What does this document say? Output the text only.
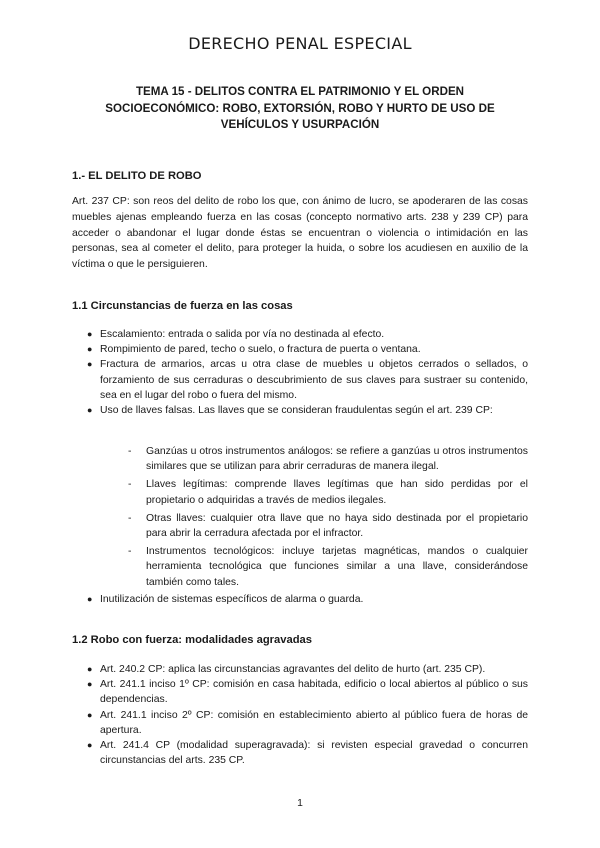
DERECHO PENAL ESPECIAL
TEMA 15 - DELITOS CONTRA EL PATRIMONIO Y EL ORDEN
SOCIOECONÓMICO: ROBO, EXTORSIÓN, ROBO Y HURTO DE USO DE
VEHÍCULOS Y USURPACIÓN
1.- EL DELITO DE ROBO

Art. 237 CP: son reos del delito de robo los que, con ánimo de lucro, se apoderaren de las cosas muebles ajenas empleando fuerza en las cosas (concepto normativo arts. 238 y 239 CP) para acceder o abandonar el lugar donde éstas se encuentran o violencia o intimidación en las personas, sea al cometer el delito, para proteger la huida, o sobre los acudiesen en auxilio de la víctima o que le persiguieren.

1.1 Circunstancias de fuerza en las cosas
● Escalamiento: entrada o salida por vía no destinada al efecto.
● Rompimiento de pared, techo o suelo, o fractura de puerta o ventana.
● Fractura de armarios, arcas u otra clase de muebles u objetos cerrados o sellados, o forzamiento de sus cerraduras o descubrimiento de sus claves para sustraer su contenido, sea en el lugar del robo o fuera del mismo.
● Uso de llaves falsas. Las llaves que se consideran fraudulentas según el art. 239 CP:
- Ganzúas u otros instrumentos análogos: se refiere a ganzúas u otros instrumentos similares que se utilizan para abrir cerraduras de manera ilegal.
- Llaves legítimas: comprende llaves legítimas que han sido perdidas por el propietario o adquiridas a través de medios ilegales.
- Otras llaves: cualquier otra llave que no haya sido destinada por el propietario para abrir la cerradura afectada por el infractor.
- Instrumentos tecnológicos: incluye tarjetas magnéticas, mandos o cualquier herramienta tecnológica que funciones similar a una llave, considerándose también como tales.
● Inutilización de sistemas específicos de alarma o guarda.
1.2 Robo con fuerza: modalidades agravadas
● Art. 240.2 CP: aplica las circunstancias agravantes del delito de hurto (art. 235 CP).
● Art. 241.1 inciso 1º CP: comisión en casa habitada, edificio o local abiertos al público o sus dependencias.
● Art. 241.1 inciso 2º CP: comisión en establecimiento abierto al público fuera de horas de apertura.
● Art. 241.4 CP (modalidad superagravada): si revisten especial gravedad o concurren circunstancias del arts. 235 CP.
1
